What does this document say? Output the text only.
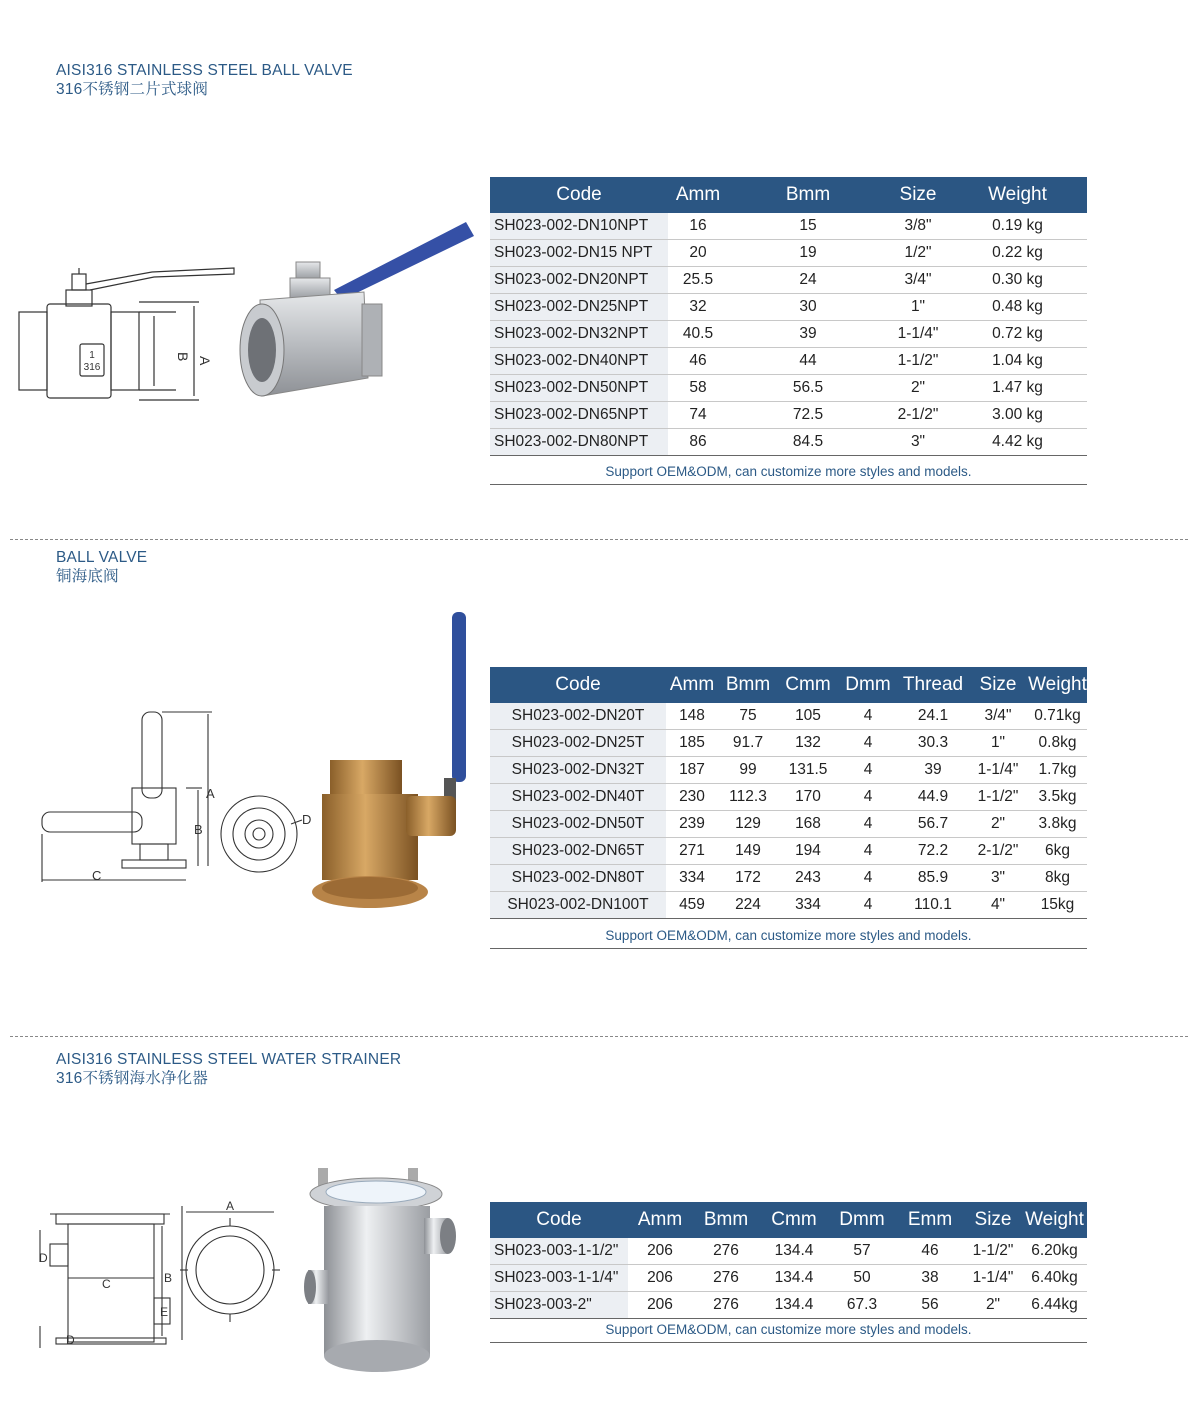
AISI316 STAINLESS STEEL BALL VALVE
316不锈钢二片式球阀
1
316
B A
Code	Amm	Bmm	Size	Weight
SH023-002-DN10NPT	16	15	3/8"	0.19 kg
SH023-002-DN15 NPT	20	19	1/2"	0.22 kg
SH023-002-DN20NPT	25.5	24	3/4"	0.30 kg
SH023-002-DN25NPT	32	30	1"	0.48 kg
SH023-002-DN32NPT	40.5	39	1-1/4"	0.72 kg
SH023-002-DN40NPT	46	44	1-1/2"	1.04 kg
SH023-002-DN50NPT	58	56.5	2"	1.47 kg
SH023-002-DN65NPT	74	72.5	2-1/2"	3.00 kg
SH023-002-DN80NPT	86	84.5	3"	4.42 kg
Support OEM&ODM, can customize more styles and models.
BALL VALVE
铜海底阀
A
B
C
D
Code	Amm	Bmm	Cmm	Dmm	Thread	Size	Weight
SH023-002-DN20T	148	75	105	4	24.1	3/4"	0.71kg
SH023-002-DN25T	185	91.7	132	4	30.3	1"	0.8kg
SH023-002-DN32T	187	99	131.5	4	39	1-1/4"	1.7kg
SH023-002-DN40T	230	112.3	170	4	44.9	1-1/2"	3.5kg
SH023-002-DN50T	239	129	168	4	56.7	2"	3.8kg
SH023-002-DN65T	271	149	194	4	72.2	2-1/2"	6kg
SH023-002-DN80T	334	172	243	4	85.9	3"	8kg
SH023-002-DN100T	459	224	334	4	110.1	4"	15kg
Support OEM&ODM, can customize more styles and models.
AISI316 STAINLESS STEEL WATER STRAINER
316不锈钢海水净化器
C
D
D
E
B
A
Code	Amm	Bmm	Cmm	Dmm	Emm	Size	Weight
SH023-003-1-1/2"	206	276	134.4	57	46	1-1/2"	6.20kg
SH023-003-1-1/4"	206	276	134.4	50	38	1-1/4"	6.40kg
SH023-003-2"	206	276	134.4	67.3	56	2"	6.44kg
Support OEM&ODM, can customize more styles and models.
